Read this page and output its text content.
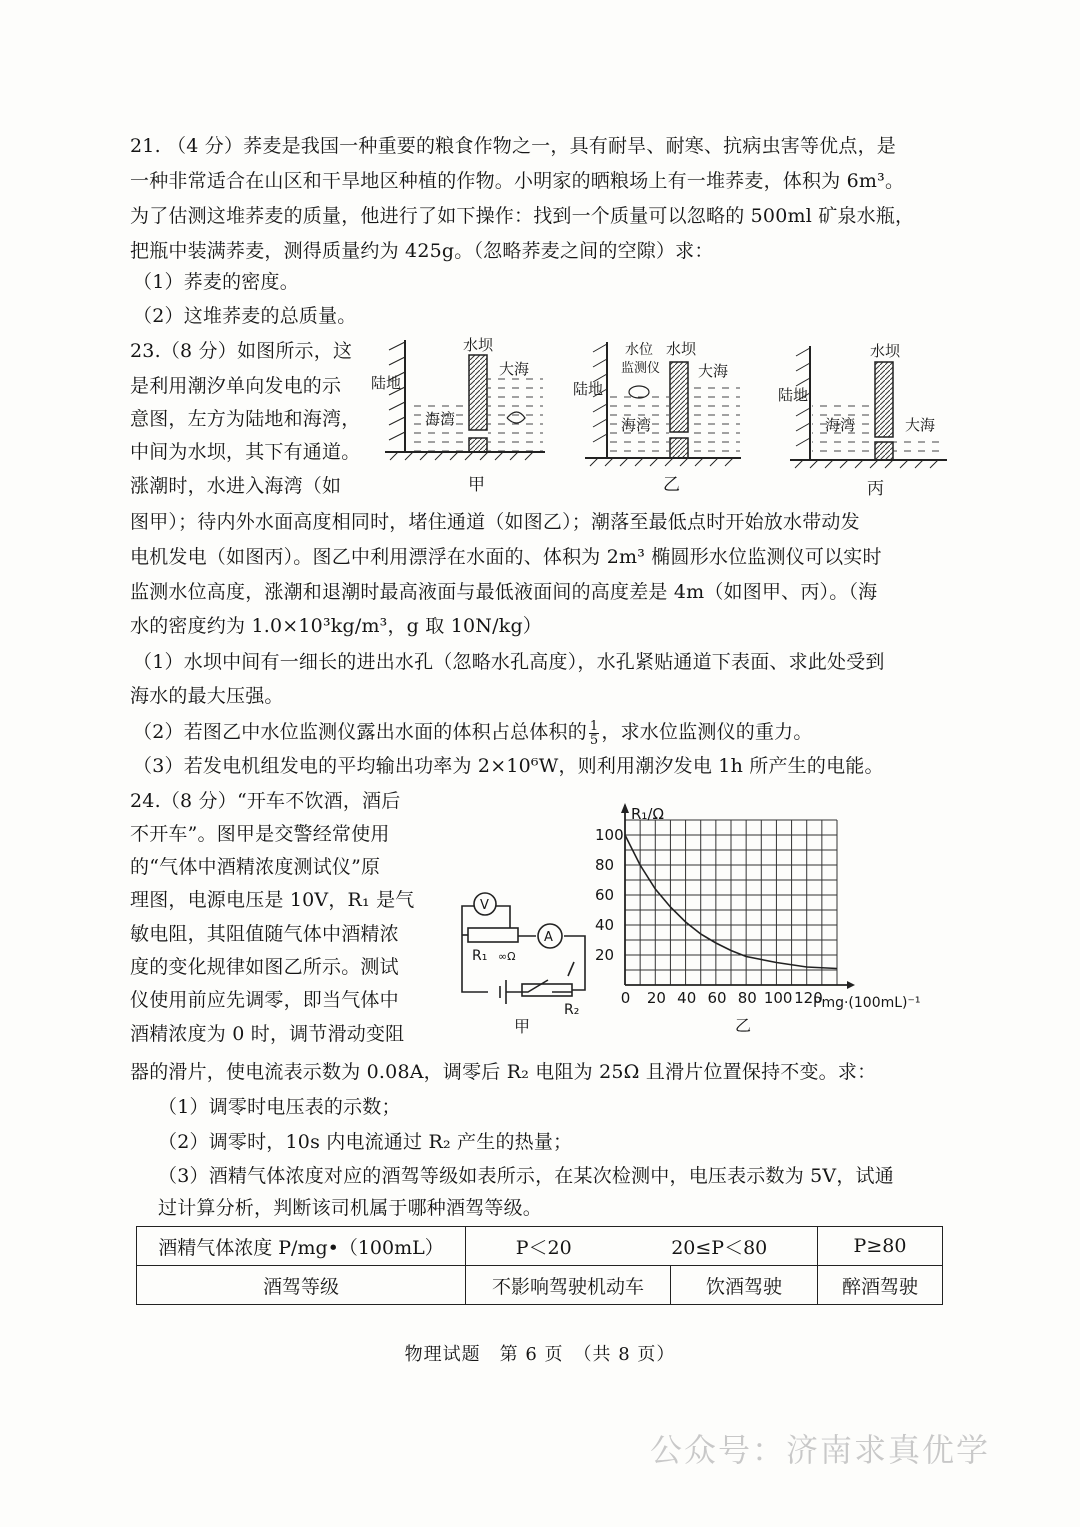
21. （4 分）荞麦是我国一种重要的粮食作物之一，具有耐旱、耐寒、抗病虫害等优点，是
一种非常适合在山区和干旱地区种植的作物。小明家的晒粮场上有一堆荞麦，体积为 6m³。
为了估测这堆荞麦的质量，他进行了如下操作：找到一个质量可以忽略的 500ml 矿泉水瓶，
把瓶中装满荞麦，测得质量约为 425g。（忽略荞麦之间的空隙）求：
（1）荞麦的密度。
（2）这堆荞麦的总质量。
23.（8 分）如图所示，这
是利用潮汐单向发电的示
意图，左方为陆地和海湾，
中间为水坝，其下有通道。
涨潮时，水进入海湾（如
水坝
大海
陆地
海湾
甲
水位
监测仪
水坝
大海
陆地
海湾
乙
水坝
陆地
海湾	大海
丙
图甲）；待内外水面高度相同时，堵住通道（如图乙）；潮落至最低点时开始放水带动发
电机发电（如图丙）。图乙中利用漂浮在水面的、体积为 2m³ 椭圆形水位监测仪可以实时
监测水位高度，涨潮和退潮时最高液面与最低液面间的高度差是 4m（如图甲、丙）。（海
水的密度约为 1.0×10³kg/m³，g 取 10N/kg）
（1）水坝中间有一细长的进出水孔（忽略水孔高度），水孔紧贴通道下表面、求此处受到
海水的最大压强。
（2）若图乙中水位监测仪露出水面的体积占总体积的 $\frac{1}{5}$ ，求水位监测仪的重力。
（3）若发电机组发电的平均输出功率为 2×10⁶W，则利用潮汐发电 1h 所产生的电能。
24.（8 分）“开车不饮酒，酒后
不开车”。图甲是交警经常使用
的“气体中酒精浓度测试仪”原
理图，电源电压是 10V，R₁ 是气
敏电阻，其阻值随气体中酒精浓
度的变化规律如图乙所示。测试
仪使用前应先调零，即当气体中
酒精浓度为 0 时，调节滑动变阻
V
A
R₁ ∞Ω
R₂
甲
100
80
60
40
20
0 20 40 60 80 100 120
R₁/Ω
Pmg·(100mL)⁻¹
乙
器的滑片，使电流表示数为 0.08A，调零后 R₂ 电阻为 25Ω 且滑片位置保持不变。求：
（1）调零时电压表的示数；
（2）调零时，10s 内电流通过 R₂ 产生的热量；
（3）酒精气体浓度对应的酒驾等级如表所示，在某次检测中，电压表示数为 5V，试通
过计算分析，判断该司机属于哪种酒驾等级。
酒精气体浓度 P/mg•（100mL）	P＜20 20≤P＜80		P≥80
酒驾等级	不影响驾驶机动车	饮酒驾驶	醉酒驾驶
物理试题　第 6 页　（共 8 页）
公众号：济南求真优学
